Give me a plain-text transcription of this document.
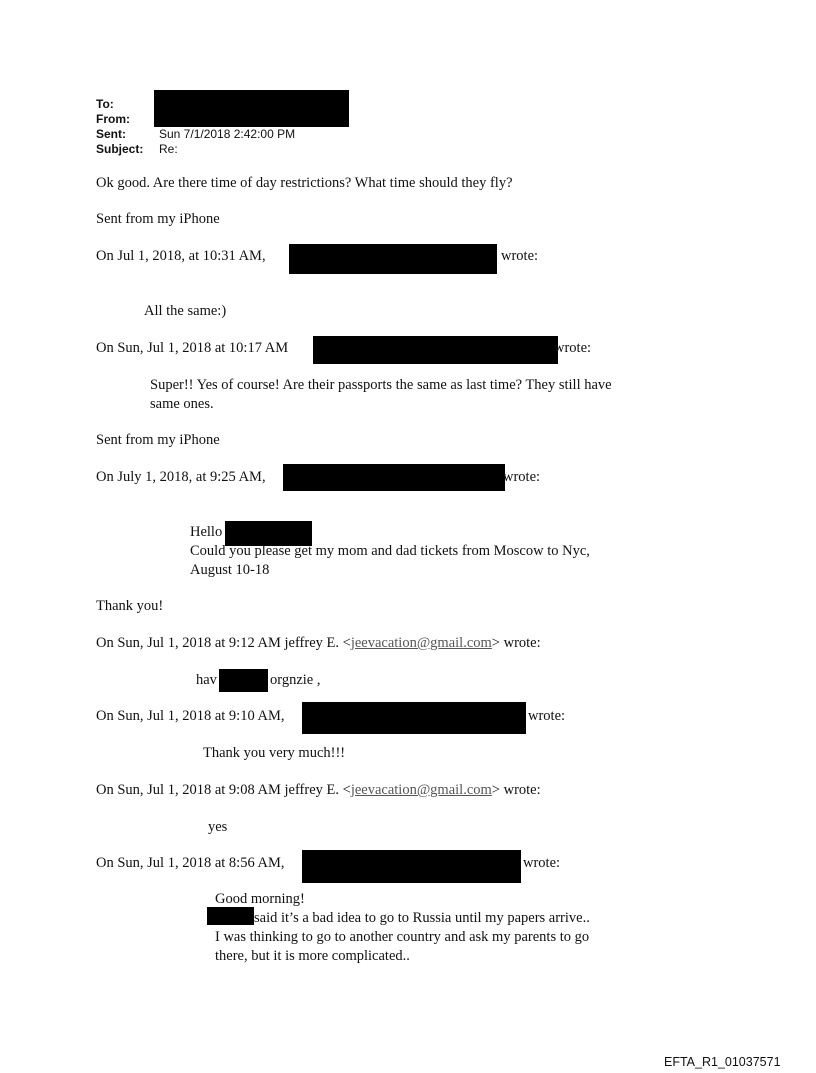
To:
From:
Sent:	Sun 7/1/2018 2:42:00 PM
Subject: Re:
Ok good. Are there time of day restrictions? What time should they fly?
Sent from my iPhone
On Jul 1, 2018, at 10:31 AM,	wrote:
All the same:)
On Sun, Jul 1, 2018 at 10:17 AM	wrote:
Super!! Yes of course! Are their passports the same as last time? They still have
same ones.
Sent from my iPhone
On July 1, 2018, at 9:25 AM,	wrote:
Hello
Could you please get my mom and dad tickets from Moscow to Nyc,
August 10-18
Thank you!
On Sun, Jul 1, 2018 at 9:12 AM jeffrey E. <jeevacation@gmail.com> wrote:
hav	orgnzie ,
On Sun, Jul 1, 2018 at 9:10 AM,	wrote:
Thank you very much!!!
On Sun, Jul 1, 2018 at 9:08 AM jeffrey E. <jeevacation@gmail.com> wrote:
yes
On Sun, Jul 1, 2018 at 8:56 AM,	wrote:
Good morning!
said it’s a bad idea to go to Russia until my papers arrive..
I was thinking to go to another country and ask my parents to go
there, but it is more complicated..
EFTA_R1_01037571
